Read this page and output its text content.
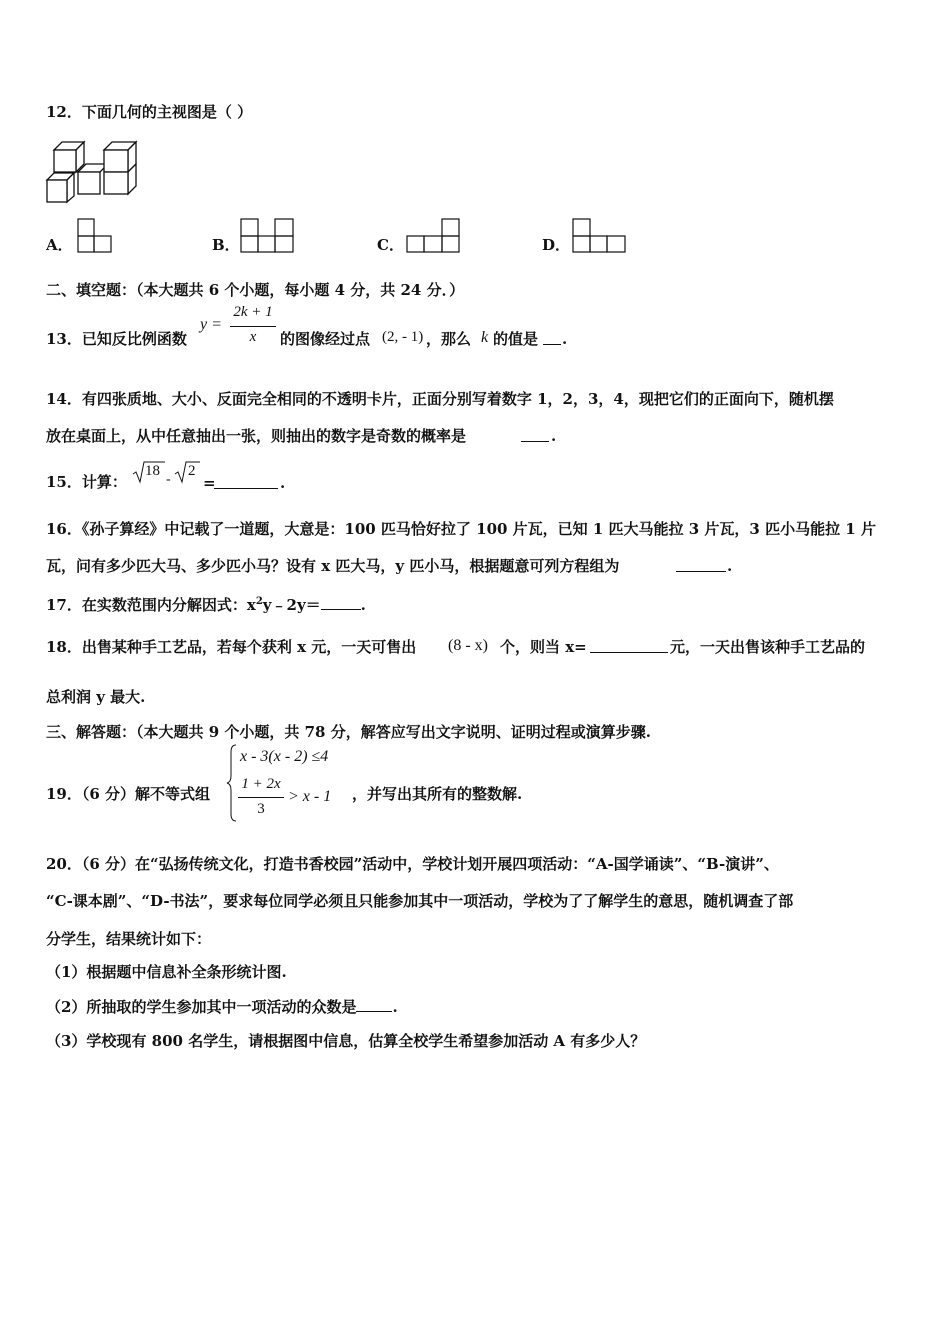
12．下面几何的主视图是（ ）
A．	B．	C．	D．
二、填空题：（本大题共 6 个小题，每小题 4 分，共 24 分．）
13．已知反比例函数
y =
2k + 1
x	的图像经过点 (2, - 1) ，那么 k 的值是 .
14．有四张质地、大小、反面完全相同的不透明卡片，正面分别写着数字 1，2，3，4，现把它们的正面向下，随机摆
放在桌面上，从中任意抽出一张，则抽出的数字是奇数的概率是	.
15．计算：
18
-
2
=	.
16．《孙子算经》中记载了一道题，大意是：100 匹马恰好拉了 100 片瓦，已知 1 匹大马能拉 3 片瓦，3 匹小马能拉 1 片
瓦，问有多少匹大马、多少匹小马？设有 x 匹大马，y 匹小马，根据题意可列方程组为	.
17．在实数范围内分解因式：$x^2y﹣2y=$	.
18．出售某种手工艺品，若每个获利 x 元，一天可售出 (8 - x) 个，则当 x=	元，一天出售该种手工艺品的
总利润 y 最大.
三、解答题：（本大题共 9 个小题，共 78 分，解答应写出文字说明、证明过程或演算步骤.
19．（6 分）解不等式组
x - 3(x - 2) ≤4
1 + 2x
3
> x - 1 ，并写出其所有的整数解.
20．（6 分）在“弘扬传统文化，打造书香校园”活动中，学校计划开展四项活动：“A-国学诵读”、“B-演讲”、
“C-课本剧”、“D-书法”，要求每位同学必须且只能参加其中一项活动，学校为了了解学生的意思，随机调查了部
分学生，结果统计如下：
（1）根据题中信息补全条形统计图.
（2）所抽取的学生参加其中一项活动的众数是 .
（3）学校现有 800 名学生，请根据图中信息，估算全校学生希望参加活动 A 有多少人？
